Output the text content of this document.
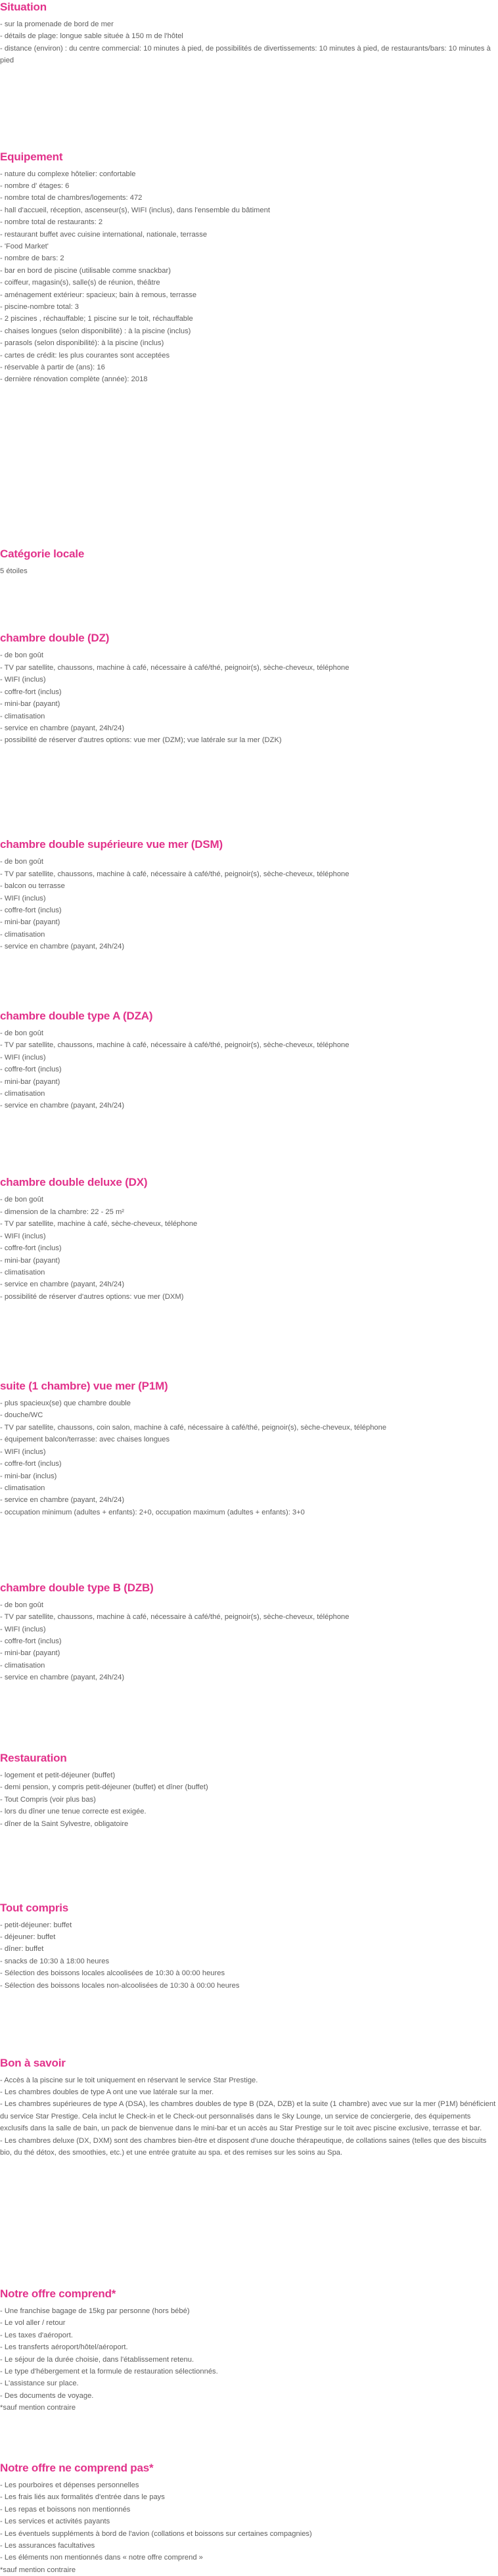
Situation
- sur la promenade de bord de mer
- détails de plage: longue sable située à 150 m de l'hôtel
- distance (environ) : du centre commercial: 10 minutes à pied, de possibilités de divertissements: 10 minutes à pied, de restaurants/bars: 10 minutes à pied
Equipement
- nature du complexe hôtelier: confortable
- nombre d' étages: 6
- nombre total de chambres/logements: 472
- hall d'accueil, réception, ascenseur(s), WIFI (inclus), dans l'ensemble du bâtiment
- nombre total de restaurants: 2
- restaurant buffet avec cuisine international, nationale, terrasse
- 'Food Market'
- nombre de bars: 2
- bar en bord de piscine (utilisable comme snackbar)
- coiffeur, magasin(s), salle(s) de réunion, théâtre
- aménagement extérieur: spacieux; bain à remous, terrasse
- piscine-nombre total: 3
- 2 piscines , réchauffable; 1 piscine sur le toit, réchauffable
- chaises longues (selon disponibilité) : à la piscine (inclus)
- parasols (selon disponibilité): à la piscine (inclus)
- cartes de crédit: les plus courantes sont acceptées
- réservable à partir de (ans): 16
- dernière rénovation complète (année): 2018
Catégorie locale
5 étoiles
chambre double (DZ)
- de bon goût
- TV par satellite, chaussons, machine à café, nécessaire à café/thé, peignoir(s), sèche-cheveux, téléphone
- WIFI (inclus)
- coffre-fort (inclus)
- mini-bar (payant)
- climatisation
- service en chambre (payant, 24h/24)
- possibilité de réserver d'autres options: vue mer (DZM); vue latérale sur la mer (DZK)
chambre double supérieure vue mer (DSM)
- de bon goût
- TV par satellite, chaussons, machine à café, nécessaire à café/thé, peignoir(s), sèche-cheveux, téléphone
- balcon ou terrasse
- WIFI (inclus)
- coffre-fort (inclus)
- mini-bar (payant)
- climatisation
- service en chambre (payant, 24h/24)
chambre double type A (DZA)
- de bon goût
- TV par satellite, chaussons, machine à café, nécessaire à café/thé, peignoir(s), sèche-cheveux, téléphone
- WIFI (inclus)
- coffre-fort (inclus)
- mini-bar (payant)
- climatisation
- service en chambre (payant, 24h/24)
chambre double deluxe (DX)
- de bon goût
- dimension de la chambre: 22 - 25 m²
- TV par satellite, machine à café, sèche-cheveux, téléphone
- WIFI (inclus)
- coffre-fort (inclus)
- mini-bar (payant)
- climatisation
- service en chambre (payant, 24h/24)
- possibilité de réserver d'autres options: vue mer (DXM)
suite (1 chambre) vue mer (P1M)
- plus spacieux(se) que chambre double
- douche/WC
- TV par satellite, chaussons, coin salon, machine à café, nécessaire à café/thé, peignoir(s), sèche-cheveux, téléphone
- équipement balcon/terrasse: avec chaises longues
- WIFI (inclus)
- coffre-fort (inclus)
- mini-bar (inclus)
- climatisation
- service en chambre (payant, 24h/24)
- occupation minimum (adultes + enfants): 2+0, occupation maximum (adultes + enfants): 3+0
chambre double type B (DZB)
- de bon goût
- TV par satellite, chaussons, machine à café, nécessaire à café/thé, peignoir(s), sèche-cheveux, téléphone
- WIFI (inclus)
- coffre-fort (inclus)
- mini-bar (payant)
- climatisation
- service en chambre (payant, 24h/24)
Restauration
- logement et petit-déjeuner (buffet)
- demi pension, y compris petit-déjeuner (buffet) et dîner (buffet)
- Tout Compris (voir plus bas)
- lors du dîner une tenue correcte est exigée.
- dîner de la Saint Sylvestre, obligatoire
Tout compris
- petit-déjeuner: buffet
- déjeuner: buffet
- dîner: buffet
- snacks de 10:30 à 18:00 heures
- Sélection des boissons locales alcoolisées de 10:30 à 00:00 heures
- Sélection des boissons locales non-alcoolisées de 10:30 à 00:00 heures
Bon à savoir
- Accès à la piscine sur le toit uniquement en réservant le service Star Prestige.
- Les chambres doubles de type A ont une vue latérale sur la mer.
- Les chambres supérieures de type A (DSA), les chambres doubles de type B (DZA, DZB) et la suite (1 chambre) avec vue sur la mer (P1M) bénéficient du service Star Prestige. Cela inclut le Check-in et le Check-out personnalisés dans le Sky Lounge, un service de conciergerie, des équipements exclusifs dans la salle de bain, un pack de bienvenue dans le mini-bar et un accès au Star Prestige sur le toit avec piscine exclusive, terrasse et bar.
- Les chambres deluxe (DX, DXM) sont des chambres bien-être et disposent d'une douche thérapeutique, de collations saines (telles que des biscuits bio, du thé détox, des smoothies, etc.) et une entrée gratuite au spa. et des remises sur les soins au Spa.
Notre offre comprend*
- Une franchise bagage de 15kg par personne (hors bébé)
- Le vol aller / retour
- Les taxes d'aéroport.
- Les transferts aéroport/hôtel/aéroport.
- Le séjour de la durée choisie, dans l'établissement retenu.
- Le type d'hébergement et la formule de restauration sélectionnés.
- L'assistance sur place.
- Des documents de voyage.
*sauf mention contraire
Notre offre ne comprend pas*
- Les pourboires et dépenses personnelles
- Les frais liés aux formalités d'entrée dans le pays
- Les repas et boissons non mentionnés
- Les services et activités payants
- Les éventuels suppléments à bord de l'avion (collations et boissons sur certaines compagnies)
- Les assurances facultatives
- Les éléments non mentionnés dans « notre offre comprend »
*sauf mention contraire
